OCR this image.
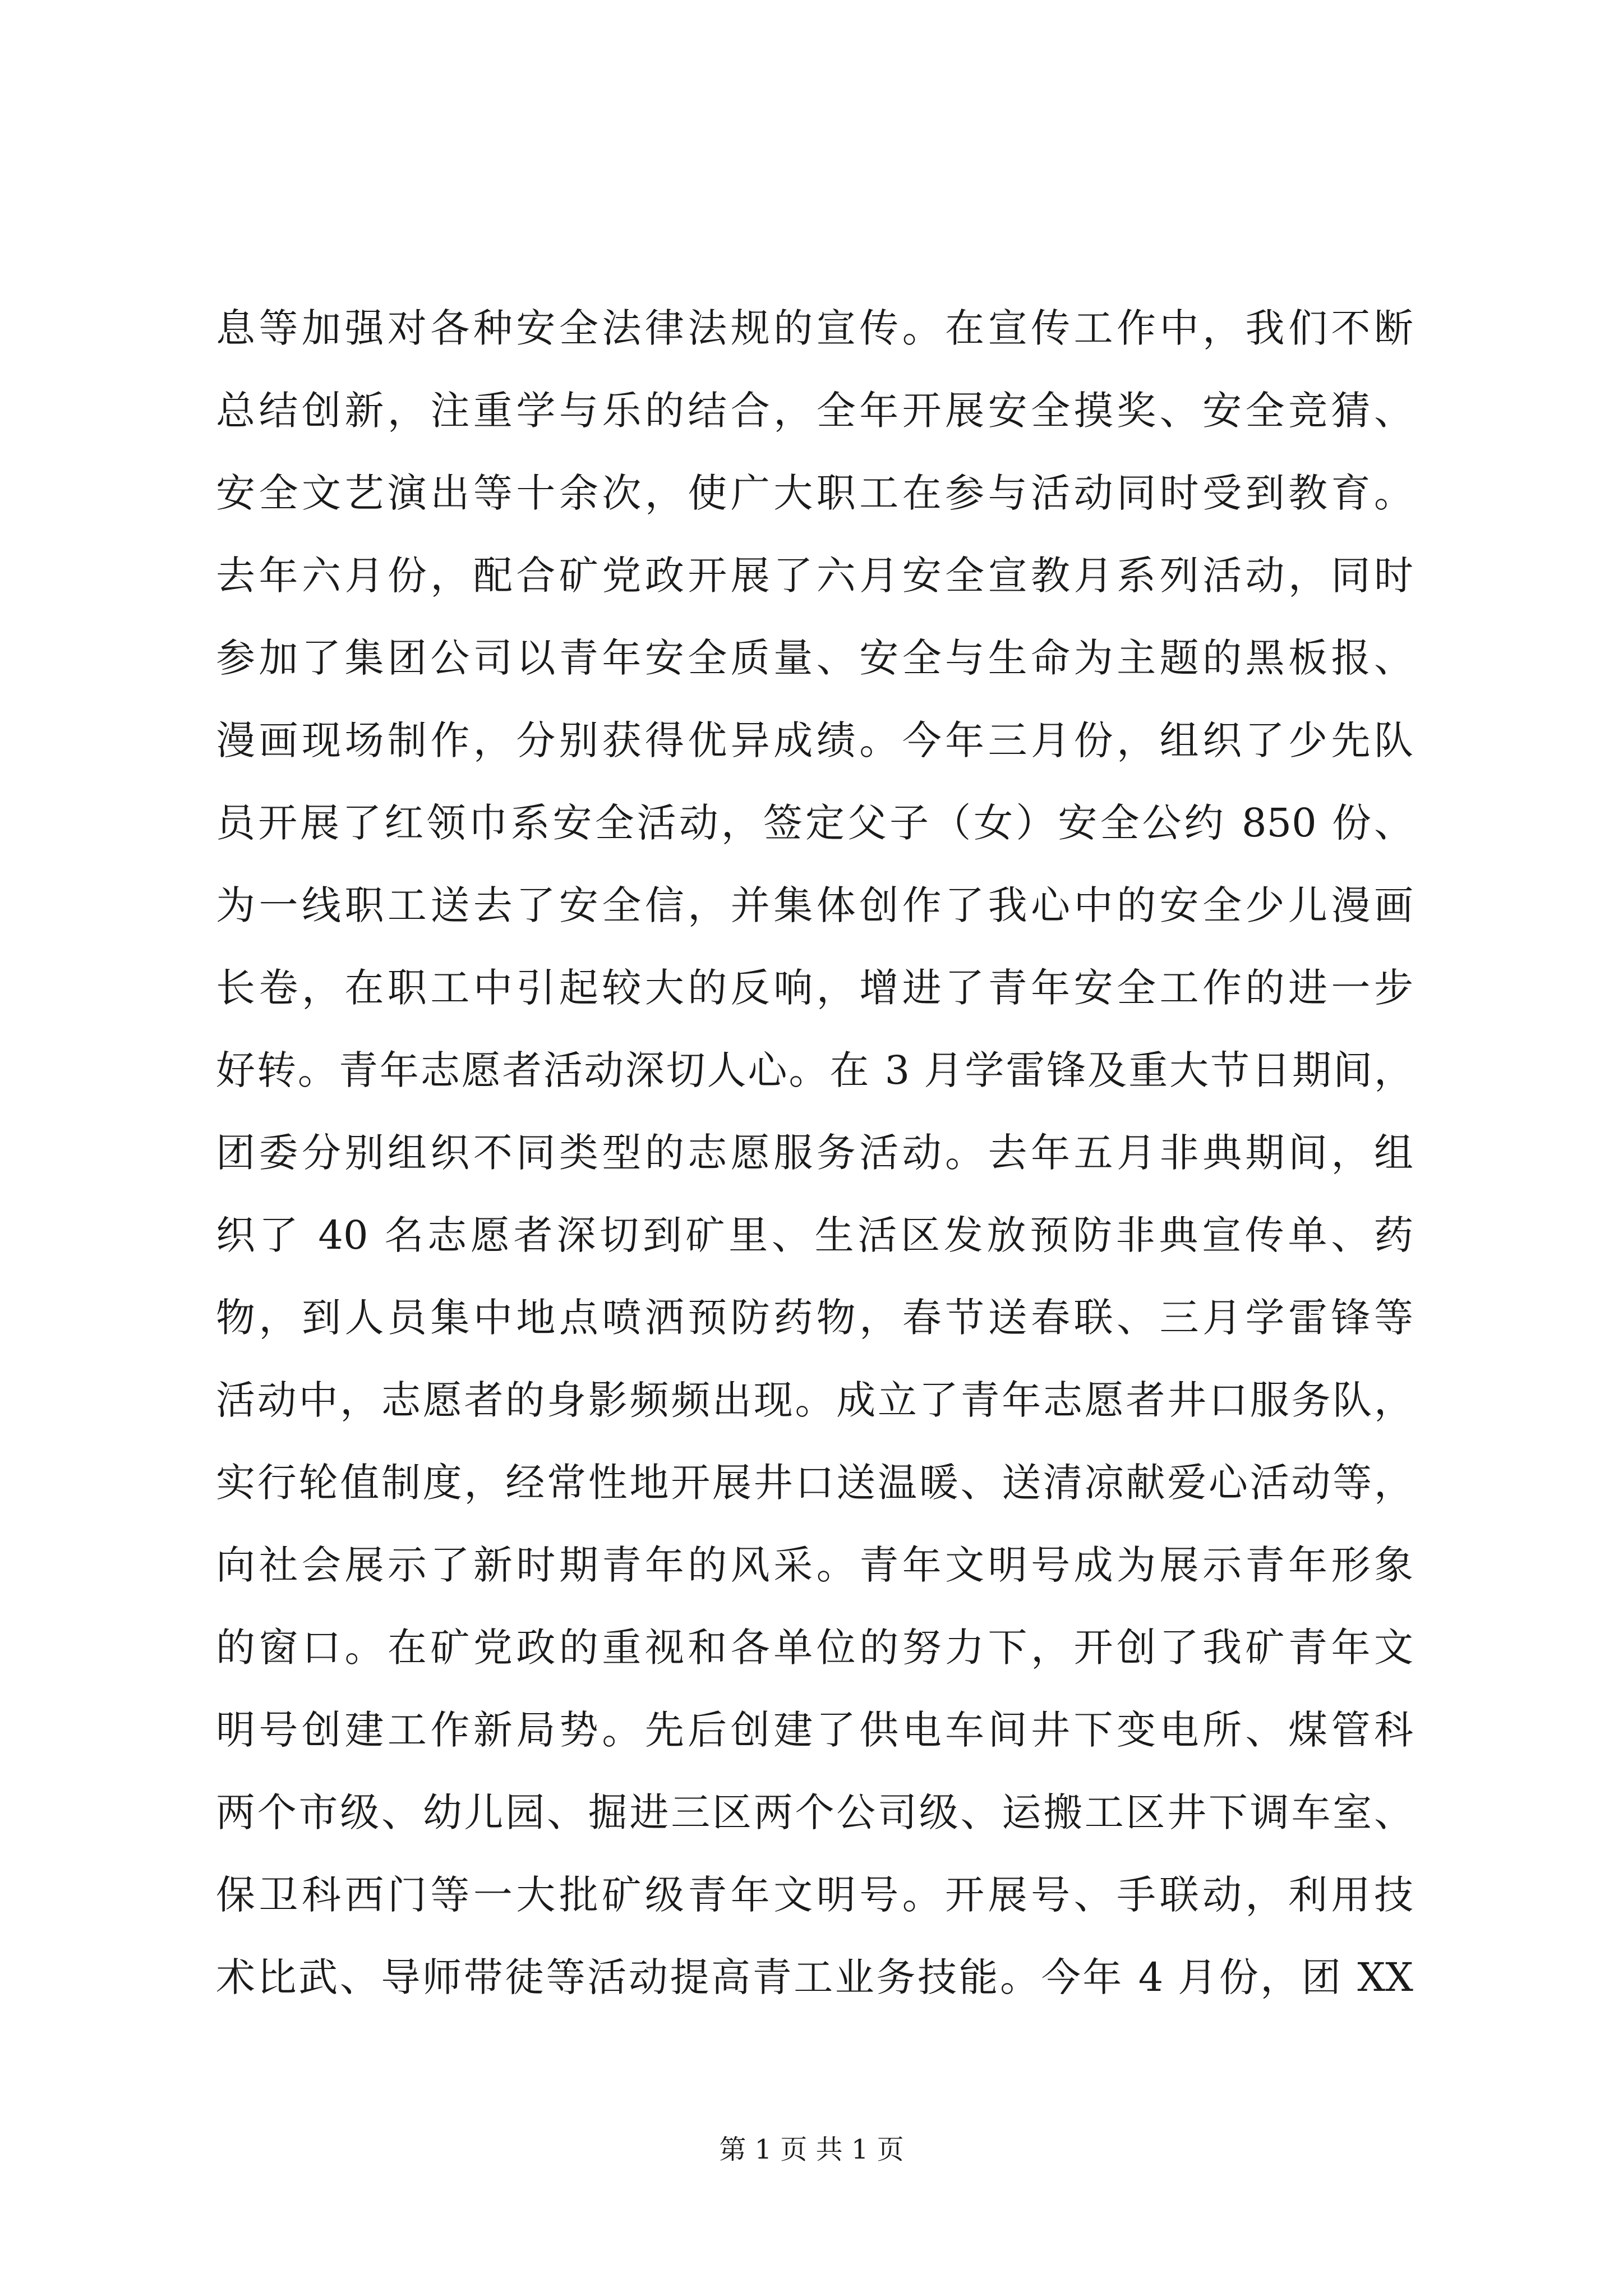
息等加强对各种安全法律法规的宣传。在宣传工作中，我们不断
总结创新，注重学与乐的结合，全年开展安全摸奖、安全竞猜、
安全文艺演出等十余次，使广大职工在参与活动同时受到教育。
去年六月份，配合矿党政开展了六月安全宣教月系列活动，同时
参加了集团公司以青年安全质量、安全与生命为主题的黑板报、
漫画现场制作，分别获得优异成绩。今年三月份，组织了少先队
员开展了红领巾系安全活动，签定父子（女）安全公约 850 份、
为一线职工送去了安全信，并集体创作了我心中的安全少儿漫画
长卷，在职工中引起较大的反响，增进了青年安全工作的进一步
好转。青年志愿者活动深切人心。在 3 月学雷锋及重大节日期间，
团委分别组织不同类型的志愿服务活动。去年五月非典期间，组
织了 40 名志愿者深切到矿里、生活区发放预防非典宣传单、药
物，到人员集中地点喷洒预防药物，春节送春联、三月学雷锋等
活动中，志愿者的身影频频出现。成立了青年志愿者井口服务队，
实行轮值制度，经常性地开展井口送温暖、送清凉献爱心活动等，
向社会展示了新时期青年的风采。青年文明号成为展示青年形象
的窗口。在矿党政的重视和各单位的努力下，开创了我矿青年文
明号创建工作新局势。先后创建了供电车间井下变电所、煤管科
两个市级、幼儿园、掘进三区两个公司级、运搬工区井下调车室、
保卫科西门等一大批矿级青年文明号。开展号、手联动，利用技
术比武、导师带徒等活动提高青工业务技能。今年 4 月份，团 XX
第 1 页 共 1 页
